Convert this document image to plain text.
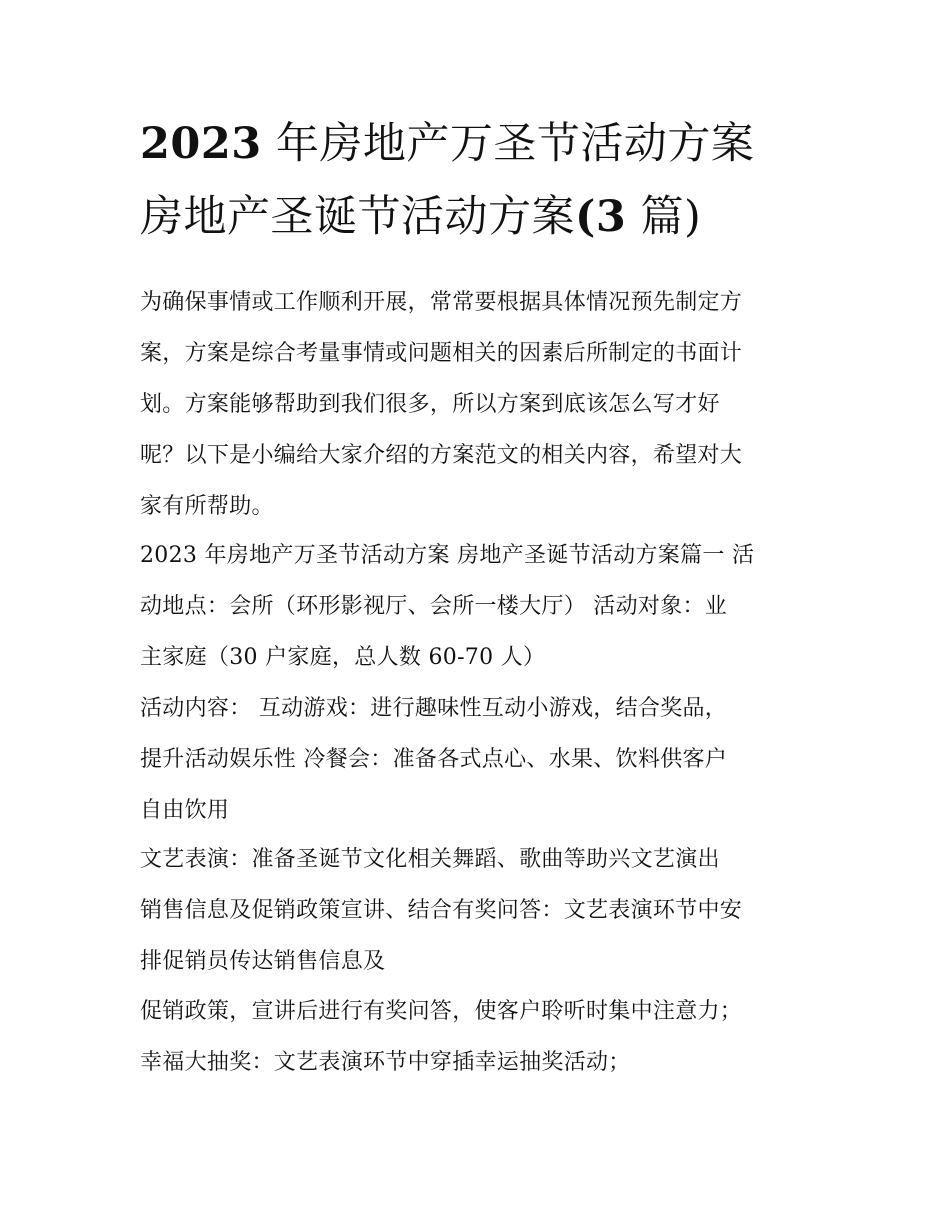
2023 年房地产万圣节活动方案
房地产圣诞节活动方案(3 篇)
为确保事情或工作顺利开展，常常要根据具体情况预先制定方
案，方案是综合考量事情或问题相关的因素后所制定的书面计
划。方案能够帮助到我们很多，所以方案到底该怎么写才好
呢？以下是小编给大家介绍的方案范文的相关内容，希望对大
家有所帮助。
2023 年房地产万圣节活动方案 房地产圣诞节活动方案篇一 活
动地点：会所（环形影视厅、会所一楼大厅） 活动对象：业
主家庭（30 户家庭，总人数 60-70 人）
活动内容： 互动游戏：进行趣味性互动小游戏，结合奖品，
提升活动娱乐性 冷餐会：准备各式点心、水果、饮料供客户
自由饮用
文艺表演：准备圣诞节文化相关舞蹈、歌曲等助兴文艺演出
销售信息及促销政策宣讲、结合有奖问答：文艺表演环节中安
排促销员传达销售信息及
促销政策，宣讲后进行有奖问答，使客户聆听时集中注意力；
幸福大抽奖：文艺表演环节中穿插幸运抽奖活动；
